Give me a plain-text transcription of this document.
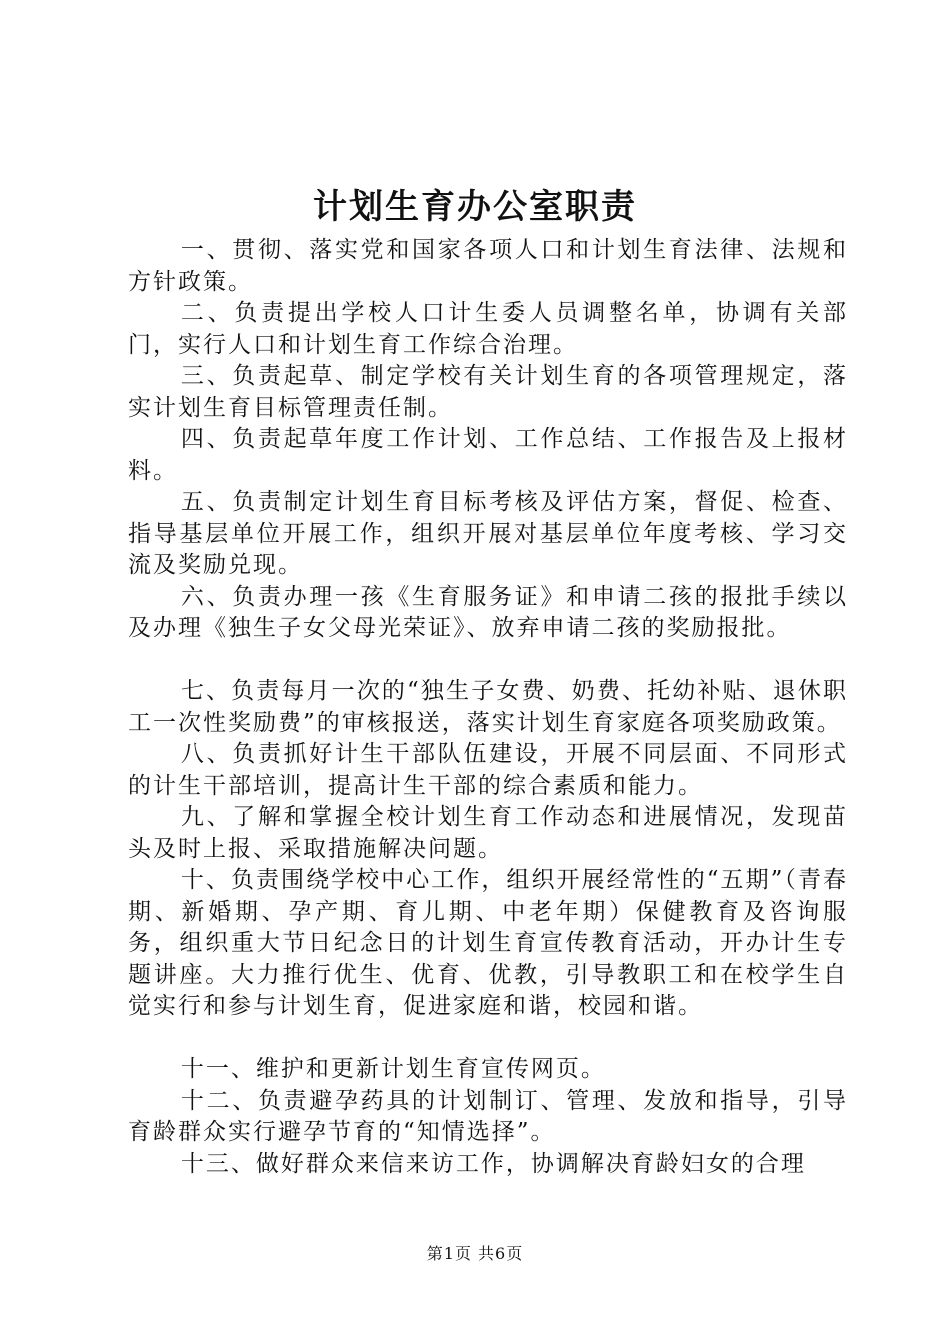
计划生育办公室职责

一、贯彻、落实党和国家各项人口和计划生育法律、法规和方针政策。

二、负责提出学校人口计生委人员调整名单，协调有关部门，实行人口和计划生育工作综合治理。

三、负责起草、制定学校有关计划生育的各项管理规定，落实计划生育目标管理责任制。

四、负责起草年度工作计划、工作总结、工作报告及上报材料。

五、负责制定计划生育目标考核及评估方案，督促、检查、指导基层单位开展工作，组织开展对基层单位年度考核、学习交流及奖励兑现。

六、负责办理一孩《生育服务证》和申请二孩的报批手续以及办理《独生子女父母光荣证》、放弃申请二孩的奖励报批。

七、负责每月一次的“独生子女费、奶费、托幼补贴、退休职工一次性奖励费”的审核报送，落实计划生育家庭各项奖励政策。

八、负责抓好计生干部队伍建设，开展不同层面、不同形式的计生干部培训，提高计生干部的综合素质和能力。

九、了解和掌握全校计划生育工作动态和进展情况，发现苗头及时上报、采取措施解决问题。

十、负责围绕学校中心工作，组织开展经常性的“五期”（青春期、新婚期、孕产期、育儿期、中老年期）保健教育及咨询服务，组织重大节日纪念日的计划生育宣传教育活动，开办计生专题讲座。大力推行优生、优育、优教，引导教职工和在校学生自觉实行和参与计划生育，促进家庭和谐，校园和谐。

十一、维护和更新计划生育宣传网页。

十二、负责避孕药具的计划制订、管理、发放和指导，引导育龄群众实行避孕节育的“知情选择”。

十三、做好群众来信来访工作，协调解决育龄妇女的合理

第1页 共6页
